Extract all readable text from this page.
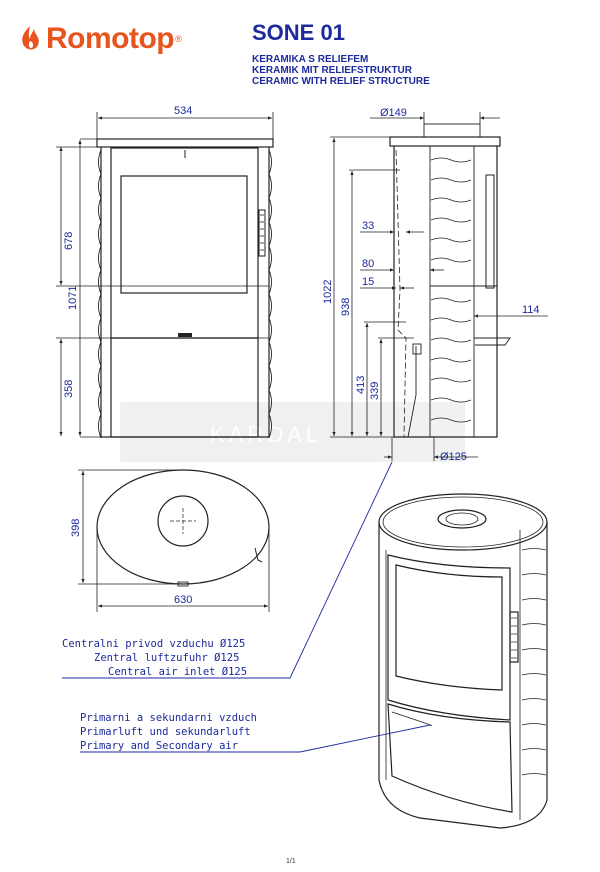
Romotop ®	SONE 01
KERAMIKA S RELIEFEM
KERAMIK MIT RELIEFSTRUKTUR
CERAMIC WITH RELIEF STRUCTURE
KARDAL
534
1071
678
358
Ø149
1022
938
33
80
15
114
413 339
Ø125
398
630
Centralni privod vzduchu Ø125
Zentral luftzufuhr Ø125
Central air inlet Ø125
Primarni a sekundarni vzduch
Primarluft und sekundarluft
Primary and Secondary air
1/1
